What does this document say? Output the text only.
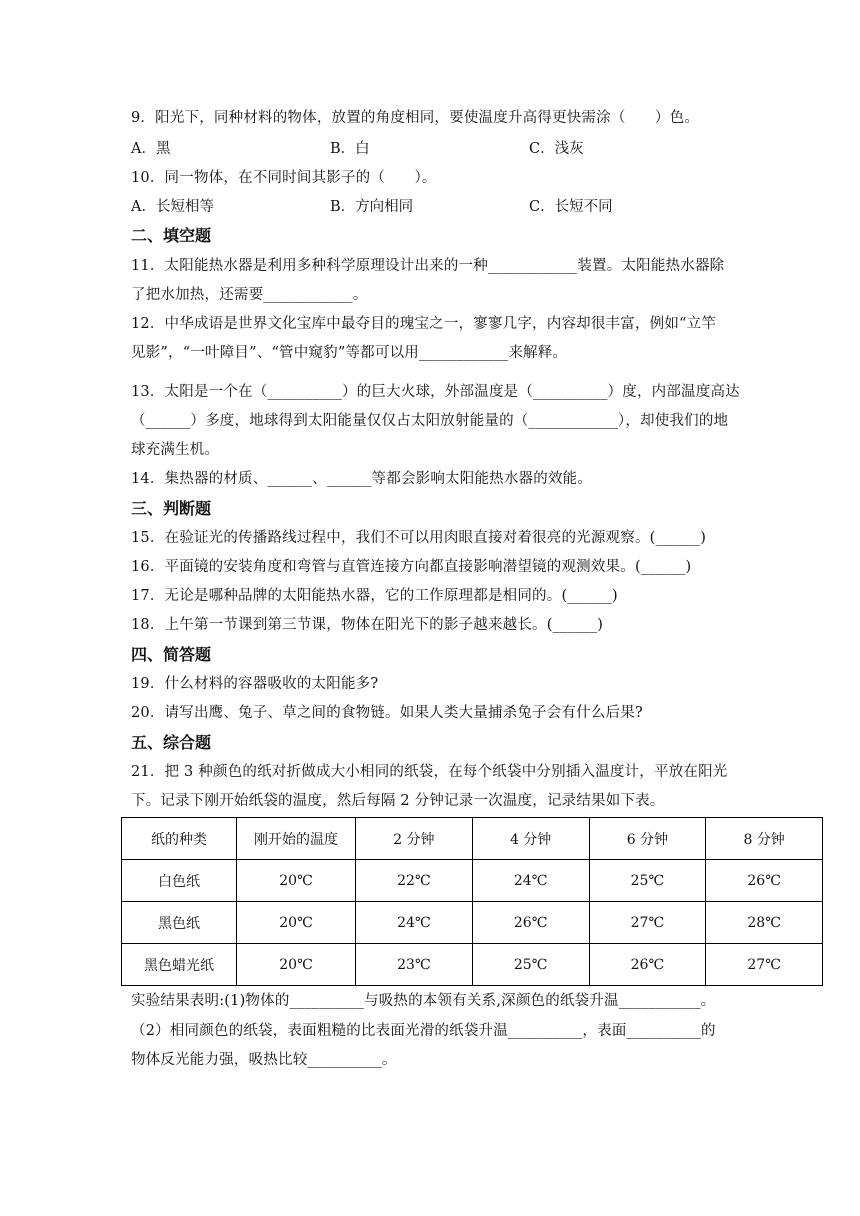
9．阳光下，同种材料的物体，放置的角度相同，要使温度升高得更快需涂（　　）色。
A．黑	B．白	C．浅灰
10．同一物体，在不同时间其影子的（　　）。
A．长短相等	B．方向相同	C．长短不同
二、填空题
11．太阳能热水器是利用多种科学原理设计出来的一种____________装置。太阳能热水器除
了把水加热，还需要____________。
12．中华成语是世界文化宝库中最夺目的瑰宝之一，寥寥几字，内容却很丰富，例如“立竿
见影”，“一叶障目”、“管中窥豹”等都可以用____________来解释。
13．太阳是一个在（__________）的巨大火球，外部温度是（__________）度，内部温度高达
（______）多度，地球得到太阳能量仅仅占太阳放射能量的（____________），却使我们的地
球充满生机。
14．集热器的材质、______、______等都会影响太阳能热水器的效能。
三、判断题
15．在验证光的传播路线过程中，我们不可以用肉眼直接对着很亮的光源观察。(______)
16．平面镜的安装角度和弯管与直管连接方向都直接影响潜望镜的观测效果。(______)
17．无论是哪种品牌的太阳能热水器，它的工作原理都是相同的。(______)
18．上午第一节课到第三节课，物体在阳光下的影子越来越长。(______)
四、简答题
19．什么材料的容器吸收的太阳能多?
20．请写出鹰、兔子、草之间的食物链。如果人类大量捕杀兔子会有什么后果?
五、综合题
21．把 3 种颜色的纸对折做成大小相同的纸袋，在每个纸袋中分别插入温度计，平放在阳光
下。记录下刚开始纸袋的温度，然后每隔 2 分钟记录一次温度，记录结果如下表。
纸的种类	刚开始的温度	2 分钟	4 分钟	6 分钟	8 分钟
白色纸	20℃	22℃	24℃	25℃	26℃
黑色纸	20℃	24℃	26℃	27℃	28℃
黑色蜡光纸	20℃	23℃	25℃	26℃	27℃
实验结果表明:(1)物体的__________与吸热的本领有关系,深颜色的纸袋升温___________。
（2）相同颜色的纸袋，表面粗糙的比表面光滑的纸袋升温__________，表面__________的
物体反光能力强，吸热比较__________。
